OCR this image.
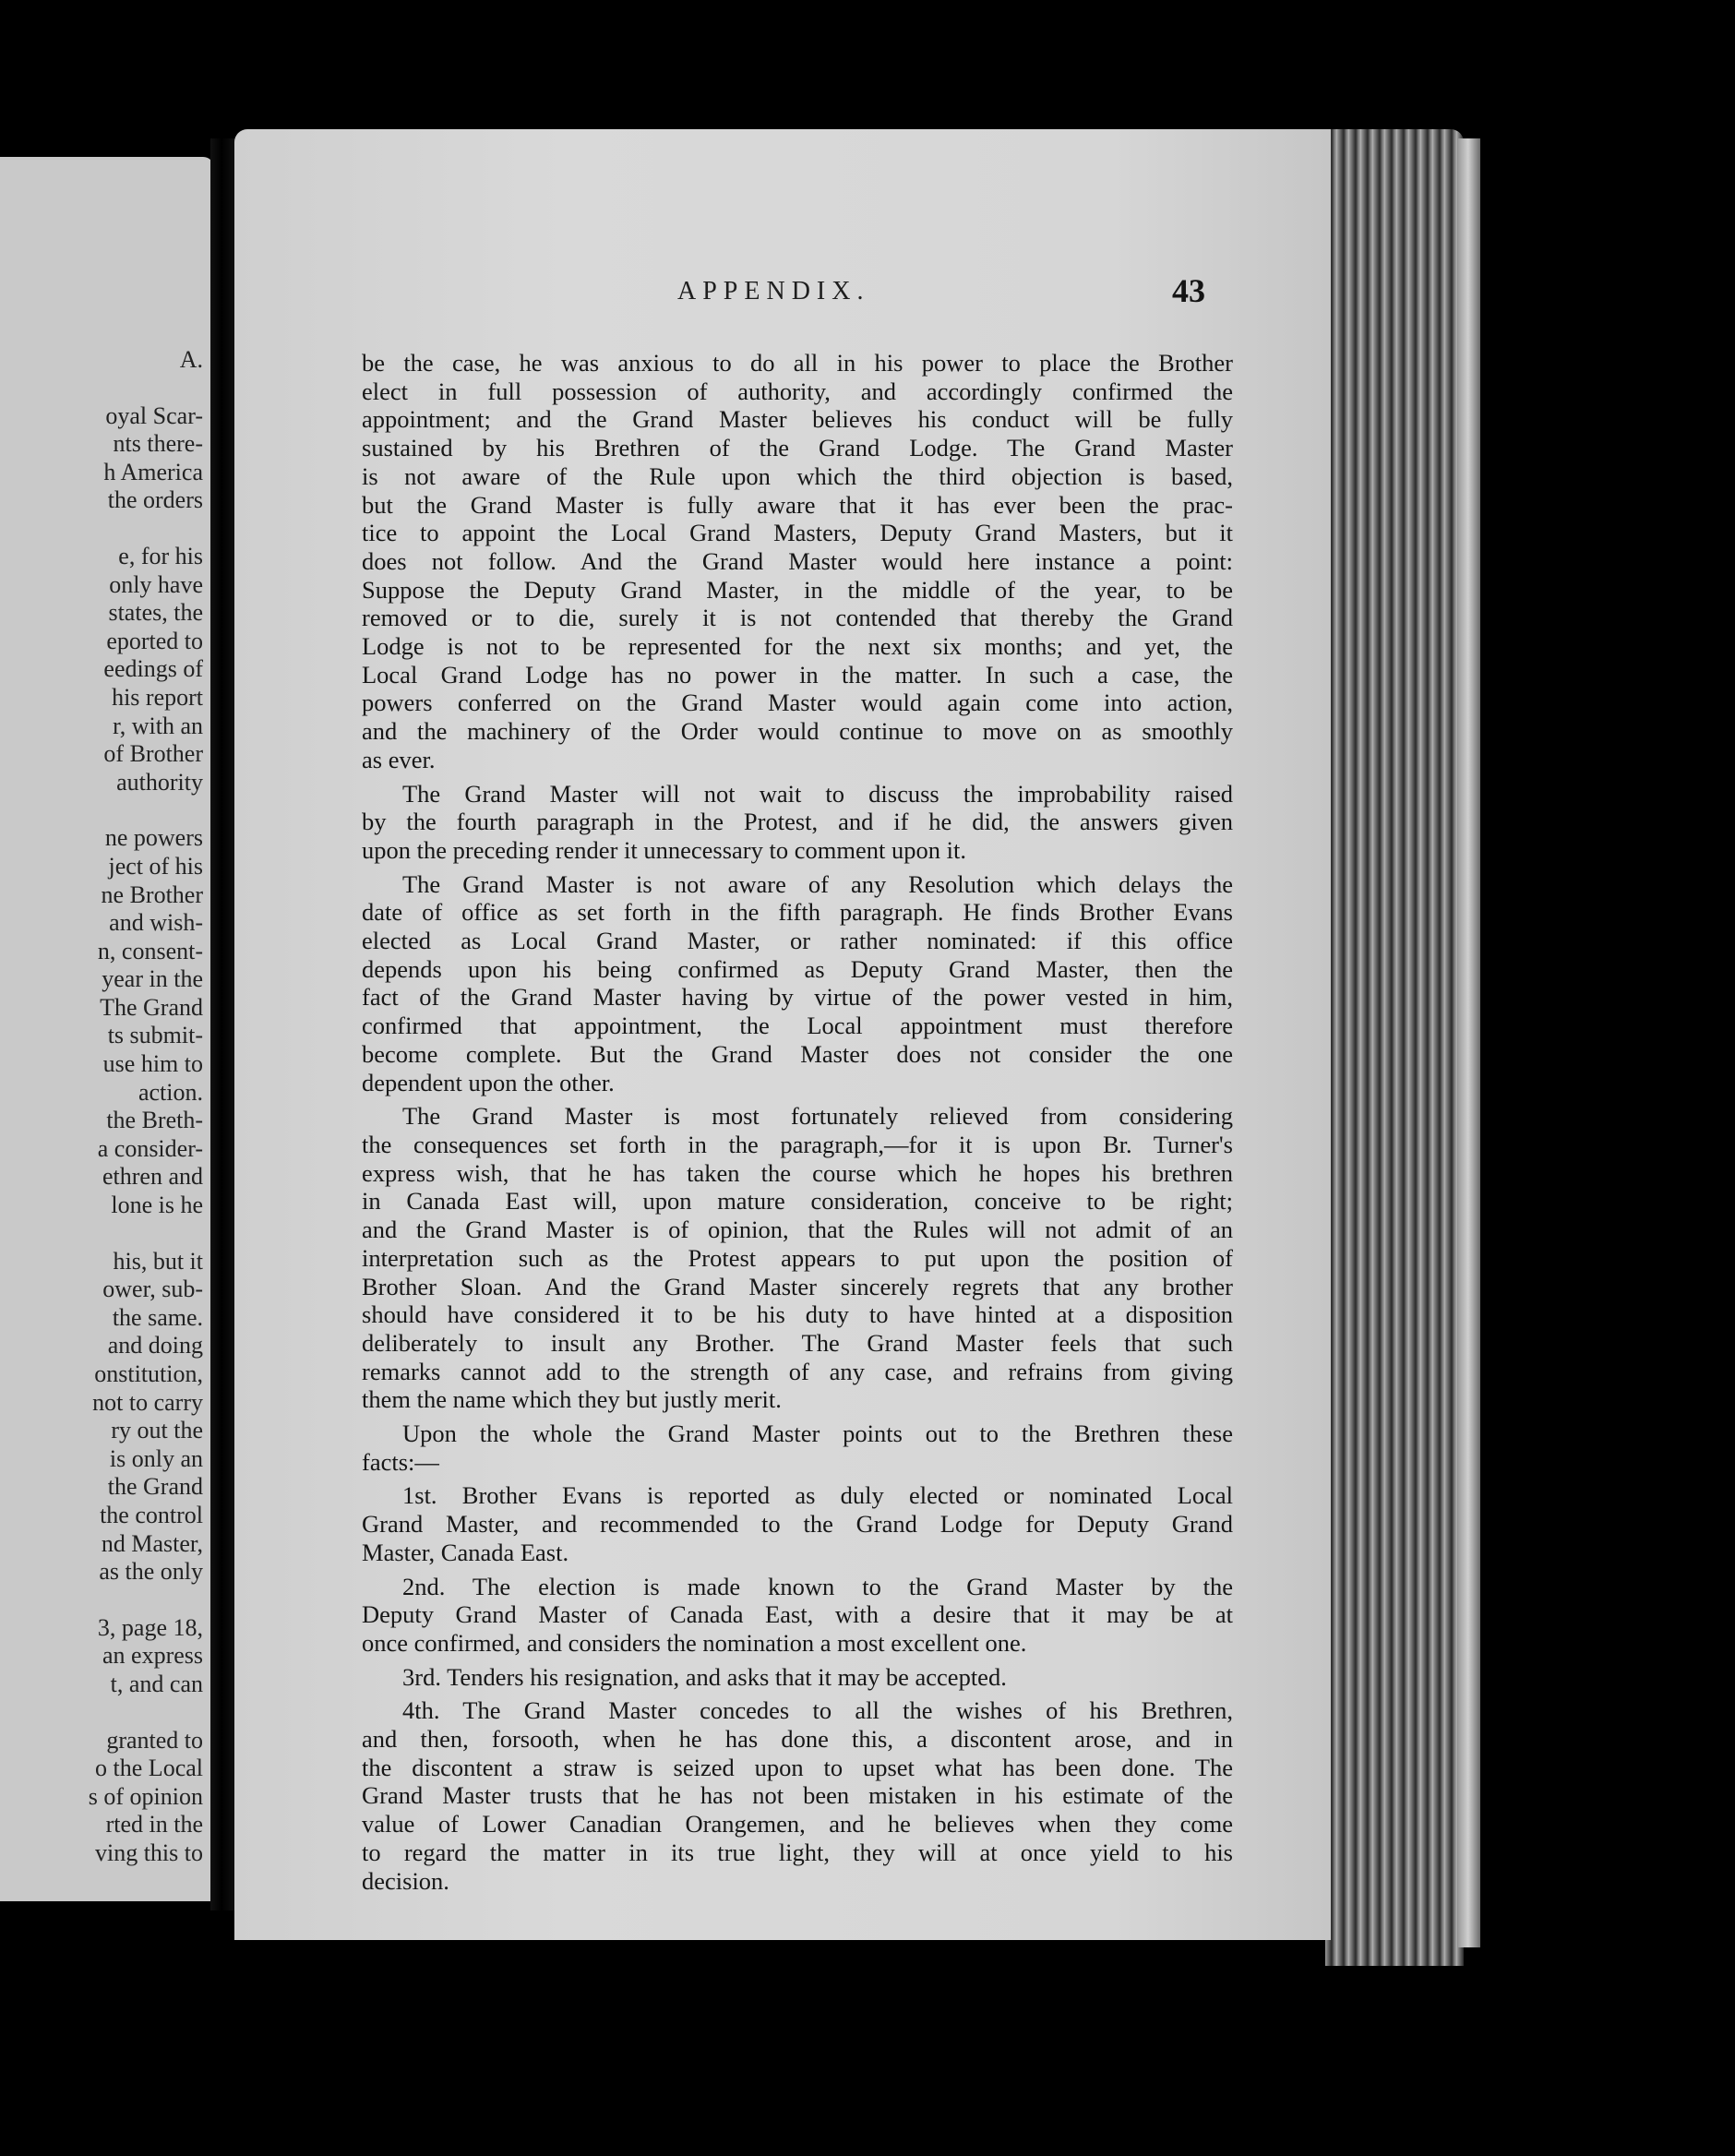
A.
oyal Scar-
nts there-
h America
the orders
e, for his
only have
states, the
eported to
eedings of
his report
r, with an
of Brother
authority
ne powers
ject of his
ne Brother
and wish-
n, consent-
year in the
The Grand
ts submit-
use him to
action.
the Breth-
a consider-
ethren and
lone is he
his, but it
ower, sub-
the same.
and doing
onstitution,
not to carry
ry out the
is only an
the Grand
the control
nd Master,
as the only
3, page 18,
an express
t, and can
granted to
o the Local
s of opinion
rted in the
ving this to
APPENDIX.	43
be the case, he was anxious to do all in his power to place the Brother
elect in full possession of authority, and accordingly confirmed the
appointment; and the Grand Master believes his conduct will be fully
sustained by his Brethren of the Grand Lodge. The Grand Master
is not aware of the Rule upon which the third objection is based,
but the Grand Master is fully aware that it has ever been the prac-
tice to appoint the Local Grand Masters, Deputy Grand Masters, but it
does not follow. And the Grand Master would here instance a point:
Suppose the Deputy Grand Master, in the middle of the year, to be
removed or to die, surely it is not contended that thereby the Grand
Lodge is not to be represented for the next six months; and yet, the
Local Grand Lodge has no power in the matter. In such a case, the
powers conferred on the Grand Master would again come into action,
and the machinery of the Order would continue to move on as smoothly
as ever.
The Grand Master will not wait to discuss the improbability raised
by the fourth paragraph in the Protest, and if he did, the answers given
upon the preceding render it unnecessary to comment upon it.
The Grand Master is not aware of any Resolution which delays the
date of office as set forth in the fifth paragraph. He finds Brother Evans
elected as Local Grand Master, or rather nominated: if this office
depends upon his being confirmed as Deputy Grand Master, then the
fact of the Grand Master having by virtue of the power vested in him,
confirmed that appointment, the Local appointment must therefore
become complete. But the Grand Master does not consider the one
dependent upon the other.
The Grand Master is most fortunately relieved from considering
the consequences set forth in the paragraph,—for it is upon Br. Turner's
express wish, that he has taken the course which he hopes his brethren
in Canada East will, upon mature consideration, conceive to be right;
and the Grand Master is of opinion, that the Rules will not admit of an
interpretation such as the Protest appears to put upon the position of
Brother Sloan. And the Grand Master sincerely regrets that any brother
should have considered it to be his duty to have hinted at a disposition
deliberately to insult any Brother. The Grand Master feels that such
remarks cannot add to the strength of any case, and refrains from giving
them the name which they but justly merit.
Upon the whole the Grand Master points out to the Brethren these
facts:—
1st. Brother Evans is reported as duly elected or nominated Local
Grand Master, and recommended to the Grand Lodge for Deputy Grand
Master, Canada East.
2nd. The election is made known to the Grand Master by the
Deputy Grand Master of Canada East, with a desire that it may be at
once confirmed, and considers the nomination a most excellent one.
3rd. Tenders his resignation, and asks that it may be accepted.
4th. The Grand Master concedes to all the wishes of his Brethren,
and then, forsooth, when he has done this, a discontent arose, and in
the discontent a straw is seized upon to upset what has been done. The
Grand Master trusts that he has not been mistaken in his estimate of the
value of Lower Canadian Orangemen, and he believes when they come
to regard the matter in its true light, they will at once yield to his
decision.
